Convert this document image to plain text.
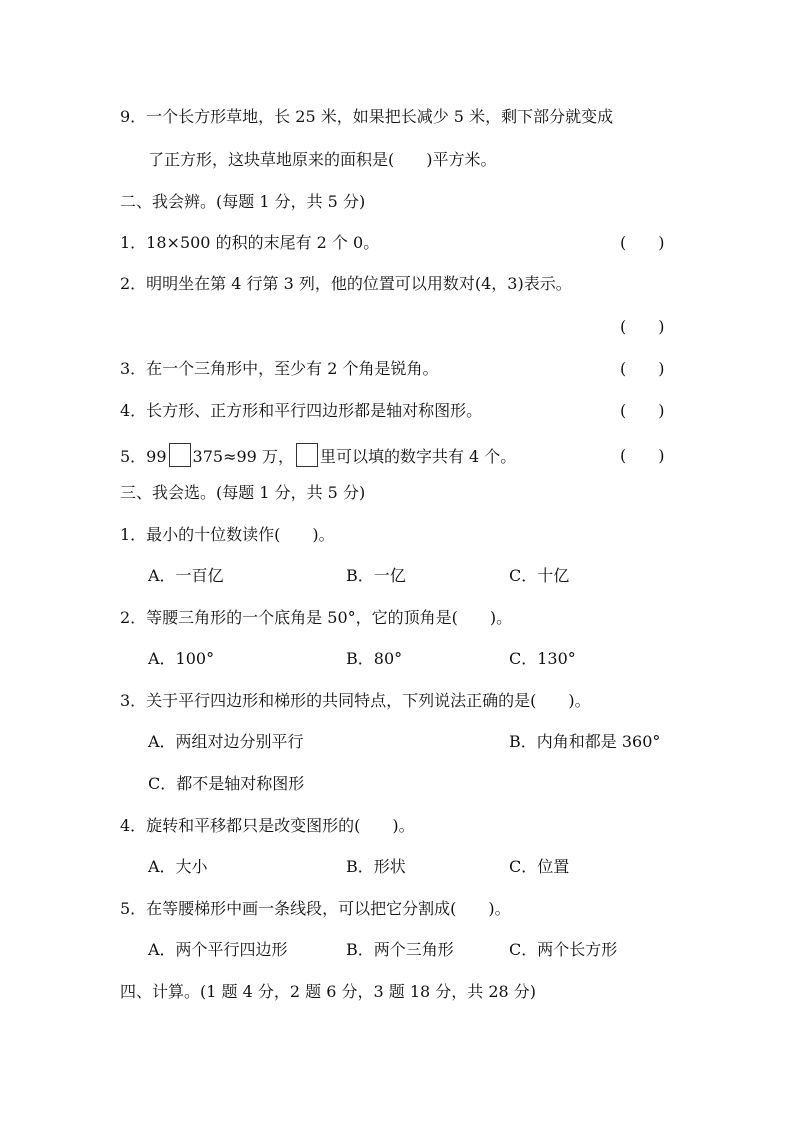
9．一个长方形草地，长 25 米，如果把长减少 5 米，剩下部分就变成
了正方形，这块草地原来的面积是(　　)平方米。
二、我会辨。(每题 1 分，共 5 分)
1．18×500 的积的末尾有 2 个 0。	(　　)
2．明明坐在第 4 行第 3 列，他的位置可以用数对(4，3)表示。
(　　)
3．在一个三角形中，至少有 2 个角是锐角。	(　　)
4．长方形、正方形和平行四边形都是轴对称图形。	(　　)
5．99 375≈99 万， 里可以填的数字共有 4 个。	(　　)
三、我会选。(每题 1 分，共 5 分)
1．最小的十位数读作(　　)。
A．一百亿	B．一亿	C．十亿
2．等腰三角形的一个底角是 50°，它的顶角是(　　)。
A．100°	B．80°	C．130°
3．关于平行四边形和梯形的共同特点，下列说法正确的是(　　)。
A．两组对边分别平行	B．内角和都是 360°
C．都不是轴对称图形
4．旋转和平移都只是改变图形的(　　)。
A．大小	B．形状	C．位置
5．在等腰梯形中画一条线段，可以把它分割成(　　)。
A．两个平行四边形	B．两个三角形	C．两个长方形
四、计算。(1 题 4 分，2 题 6 分，3 题 18 分，共 28 分)
